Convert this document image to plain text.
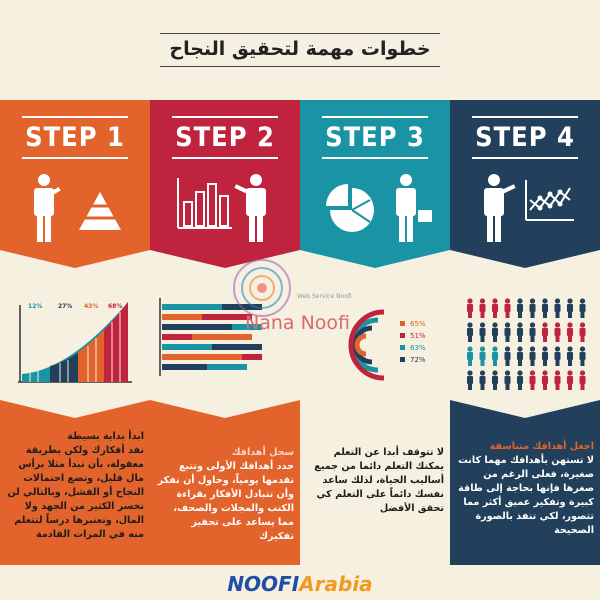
خطوات مهمة لتحقيق النجاح
STEP 1
ابدأ بداية بسيطة
نفذ أفكارك ولكن بطريقة معقولة، بأن تبدأ مثلا برأس مال قليل، وتضع احتمالات النجاح أو الفشل، وبالتالي لن تخسر الكثير من الجهد ولا المال، وتعتبرها درساً لتتعلم منه في المرات القادمة
STEP 2
سجل أهدافك
حدد أهدافك الأولى وتتبع تقدمها يومياً، وحاول أن تفكر وأن تتبادل الأفكار بقراءة الكتب والمجلات والصحف، مما يساعد على تحفيز تفكيرك
STEP 3
لا تتوقف أبدا عن التعلم
يمكنك التعلم دائما من جميع أساليب الحياة، لذلك ساعد نفسك دائماً على التعلم كي تحقق الأفضل
STEP 4
اجعل أهدافك متناسقة
لا تستهن بأهدافك مهما كانت صغيرة، فعلى الرغم من صغرها فإنها بحاجة إلى طاقة كبيرة وتفكير عميق أكثر مما تتصور، لكي تنفذ بالصورة الصحيحة
12%	27% 43% 68%
65%
51%
63%
72%
Web Service Noofi
Nana Noofi
NOOFIArabia
